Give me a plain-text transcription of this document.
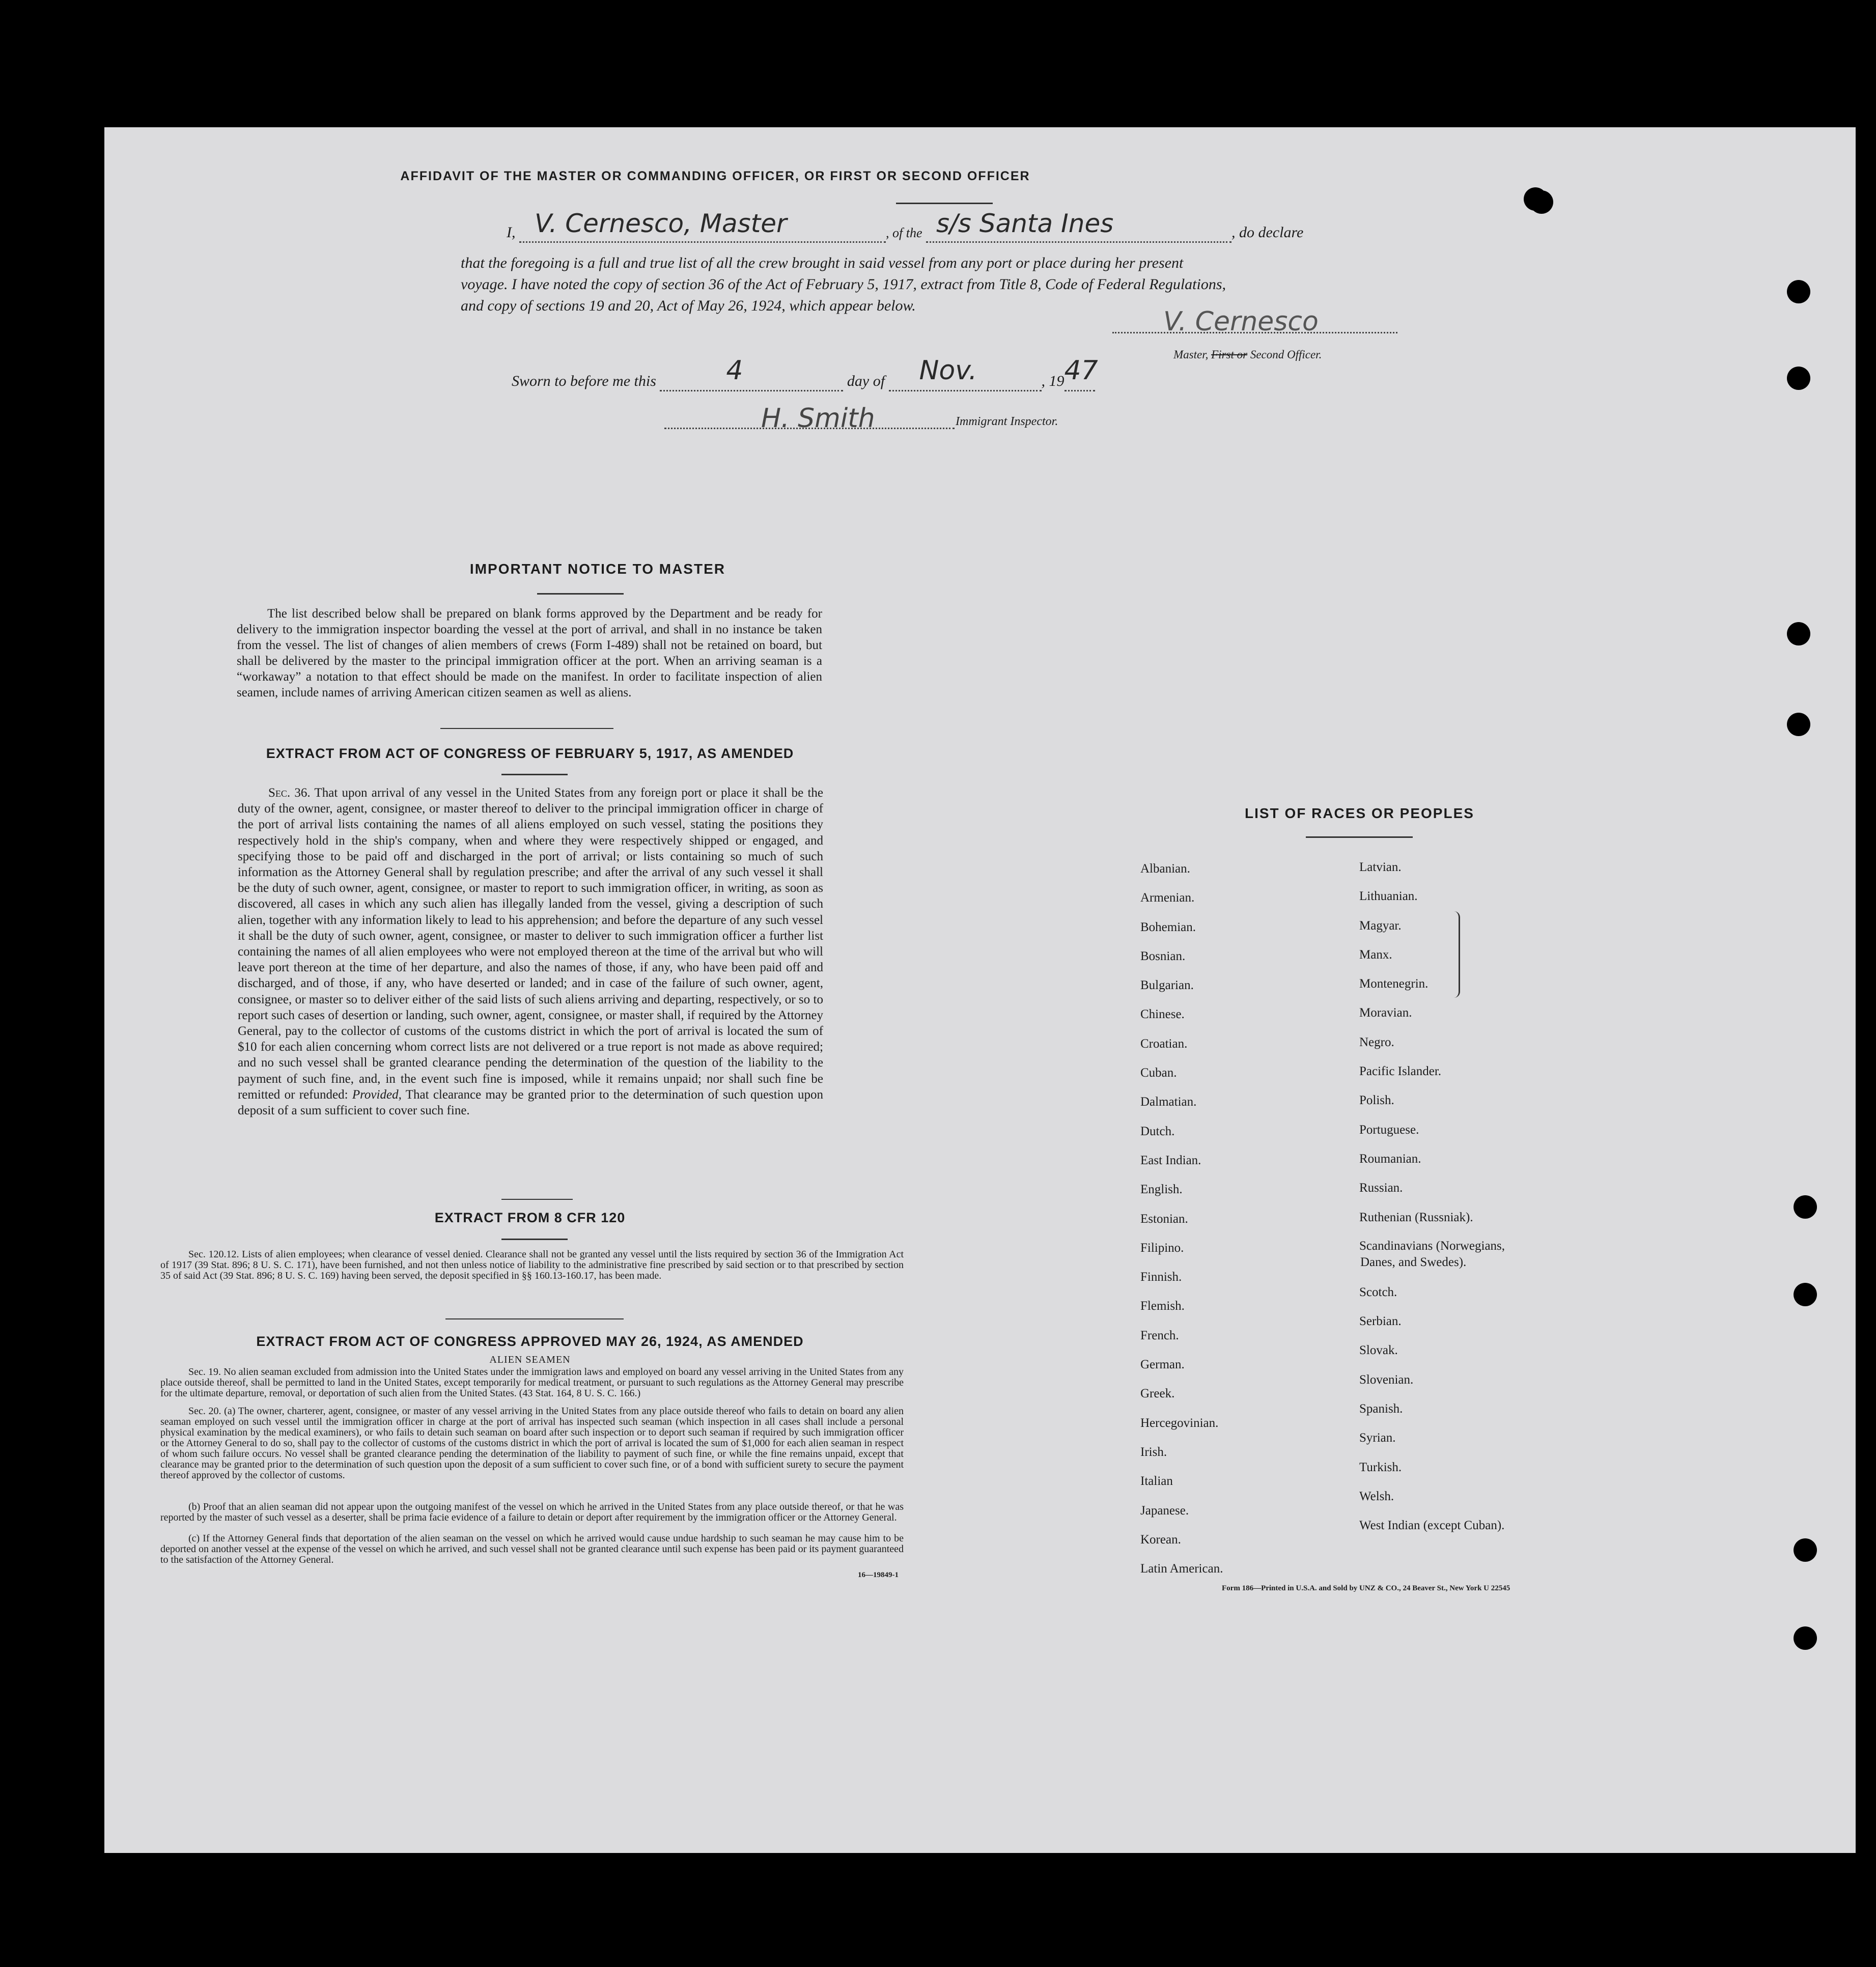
AFFIDAVIT OF THE MASTER OR COMMANDING OFFICER, OR FIRST OR SECOND OFFICER
I, V. Cernesco, Master	, of the s/s Santa Ines	, do declare
that the foregoing is a full and true list of all the crew brought in said vessel from any port or place during her present
voyage. I have noted the copy of section 36 of the Act of February 5, 1917, extract from Title 8, Code of Federal Regulations,
and copy of sections 19 and 20, Act of May 26, 1924, which appear below.
V. Cernesco
Master, First or Second Officer.
Sworn to before me this	4	day of Nov.	, 19 47

H. Smith	Immigrant Inspector.
IMPORTANT NOTICE TO MASTER
The list described below shall be prepared on blank forms approved by the Department and be ready for delivery to the immigration inspector boarding the vessel at the port of arrival, and shall in no instance be taken from the vessel. The list of changes of alien members of crews (Form I-489) shall not be retained on board, but shall be delivered by the master to the principal immigration officer at the port. When an arriving seaman is a “workaway” a notation to that effect should be made on the manifest. In order to facilitate inspection of alien seamen, include names of arriving American citizen seamen as well as aliens.
EXTRACT FROM ACT OF CONGRESS OF FEBRUARY 5, 1917, AS AMENDED
Sec. 36. That upon arrival of any vessel in the United States from any foreign port or place it shall be the duty of the owner, agent, consignee, or master thereof to deliver to the principal immigration officer in charge of the port of arrival lists containing the names of all aliens employed on such vessel, stating the positions they respectively hold in the ship's company, when and where they were respectively shipped or engaged, and specifying those to be paid off and discharged in the port of arrival; or lists containing so much of such information as the Attorney General shall by regulation prescribe; and after the arrival of any such vessel it shall be the duty of such owner, agent, consignee, or master to report to such immigration officer, in writing, as soon as discovered, all cases in which any such alien has illegally landed from the vessel, giving a description of such alien, together with any information likely to lead to his apprehension; and before the departure of any such vessel it shall be the duty of such owner, agent, consignee, or master to deliver to such immigration officer a further list containing the names of all alien employees who were not employed thereon at the time of the arrival but who will leave port thereon at the time of her departure, and also the names of those, if any, who have been paid off and discharged, and of those, if any, who have deserted or landed; and in case of the failure of such owner, agent, consignee, or master so to deliver either of the said lists of such aliens arriving and departing, respectively, or so to report such cases of desertion or landing, such owner, agent, consignee, or master shall, if required by the Attorney General, pay to the collector of customs of the customs district in which the port of arrival is located the sum of $10 for each alien concerning whom correct lists are not delivered or a true report is not made as above required; and no such vessel shall be granted clearance pending the determination of the question of the liability to the payment of such fine, and, in the event such fine is imposed, while it remains unpaid; nor shall such fine be remitted or refunded: Provided, That clearance may be granted prior to the determination of such question upon deposit of a sum sufficient to cover such fine.
EXTRACT FROM 8 CFR 120
Sec. 120.12. Lists of alien employees; when clearance of vessel denied. Clearance shall not be granted any vessel until the lists required by section 36 of the Immigration Act of 1917 (39 Stat. 896; 8 U. S. C. 171), have been furnished, and not then unless notice of liability to the administrative fine prescribed by said section or to that prescribed by section 35 of said Act (39 Stat. 896; 8 U. S. C. 169) having been served, the deposit specified in §§ 160.13-160.17, has been made.
EXTRACT FROM ACT OF CONGRESS APPROVED MAY 26, 1924, AS AMENDED
ALIEN SEAMEN
Sec. 19. No alien seaman excluded from admission into the United States under the immigration laws and employed on board any vessel arriving in the United States from any place outside thereof, shall be permitted to land in the United States, except temporarily for medical treatment, or pursuant to such regulations as the Attorney General may prescribe for the ultimate departure, removal, or deportation of such alien from the United States. (43 Stat. 164, 8 U. S. C. 166.)
Sec. 20. (a) The owner, charterer, agent, consignee, or master of any vessel arriving in the United States from any place outside thereof who fails to detain on board any alien seaman employed on such vessel until the immigration officer in charge at the port of arrival has inspected such seaman (which inspection in all cases shall include a personal physical examination by the medical examiners), or who fails to detain such seaman on board after such inspection or to deport such seaman if required by such immigration officer or the Attorney General to do so, shall pay to the collector of customs of the customs district in which the port of arrival is located the sum of $1,000 for each alien seaman in respect of whom such failure occurs. No vessel shall be granted clearance pending the determination of the liability to payment of such fine, or while the fine remains unpaid, except that clearance may be granted prior to the determination of such question upon the deposit of a sum sufficient to cover such fine, or of a bond with sufficient surety to secure the payment thereof approved by the collector of customs.
(b) Proof that an alien seaman did not appear upon the outgoing manifest of the vessel on which he arrived in the United States from any place outside thereof, or that he was reported by the master of such vessel as a deserter, shall be prima facie evidence of a failure to detain or deport after requirement by the immigration officer or the Attorney General.
(c) If the Attorney General finds that deportation of the alien seaman on the vessel on which he arrived would cause undue hardship to such seaman he may cause him to be deported on another vessel at the expense of the vessel on which he arrived, and such vessel shall not be granted clearance until such expense has been paid or its payment guaranteed to the satisfaction of the Attorney General.
16—19849-1
LIST OF RACES OR PEOPLES
Albanian.
Armenian.
Bohemian.
Bosnian.
Bulgarian.
Chinese.
Croatian.
Cuban.
Dalmatian.
Dutch.
East Indian.
English.
Estonian.
Filipino.
Finnish.
Flemish.
French.
German.
Greek.
Hercegovinian.
Irish.
Italian
Japanese.
Korean.
Latin American.
Latvian.
Lithuanian.
Magyar.
Manx.
Montenegrin.
Moravian.
Negro.
Pacific Islander.
Polish.
Portuguese.
Roumanian.
Russian.
Ruthenian (Russniak).
Scandinavians (Norwegians,
Danes, and Swedes).
Scotch.
Serbian.
Slovak.
Slovenian.
Spanish.
Syrian.
Turkish.
Welsh.
West Indian (except Cuban).
Form 186—Printed in U.S.A. and Sold by UNZ & CO., 24 Beaver St., New York U 22545
